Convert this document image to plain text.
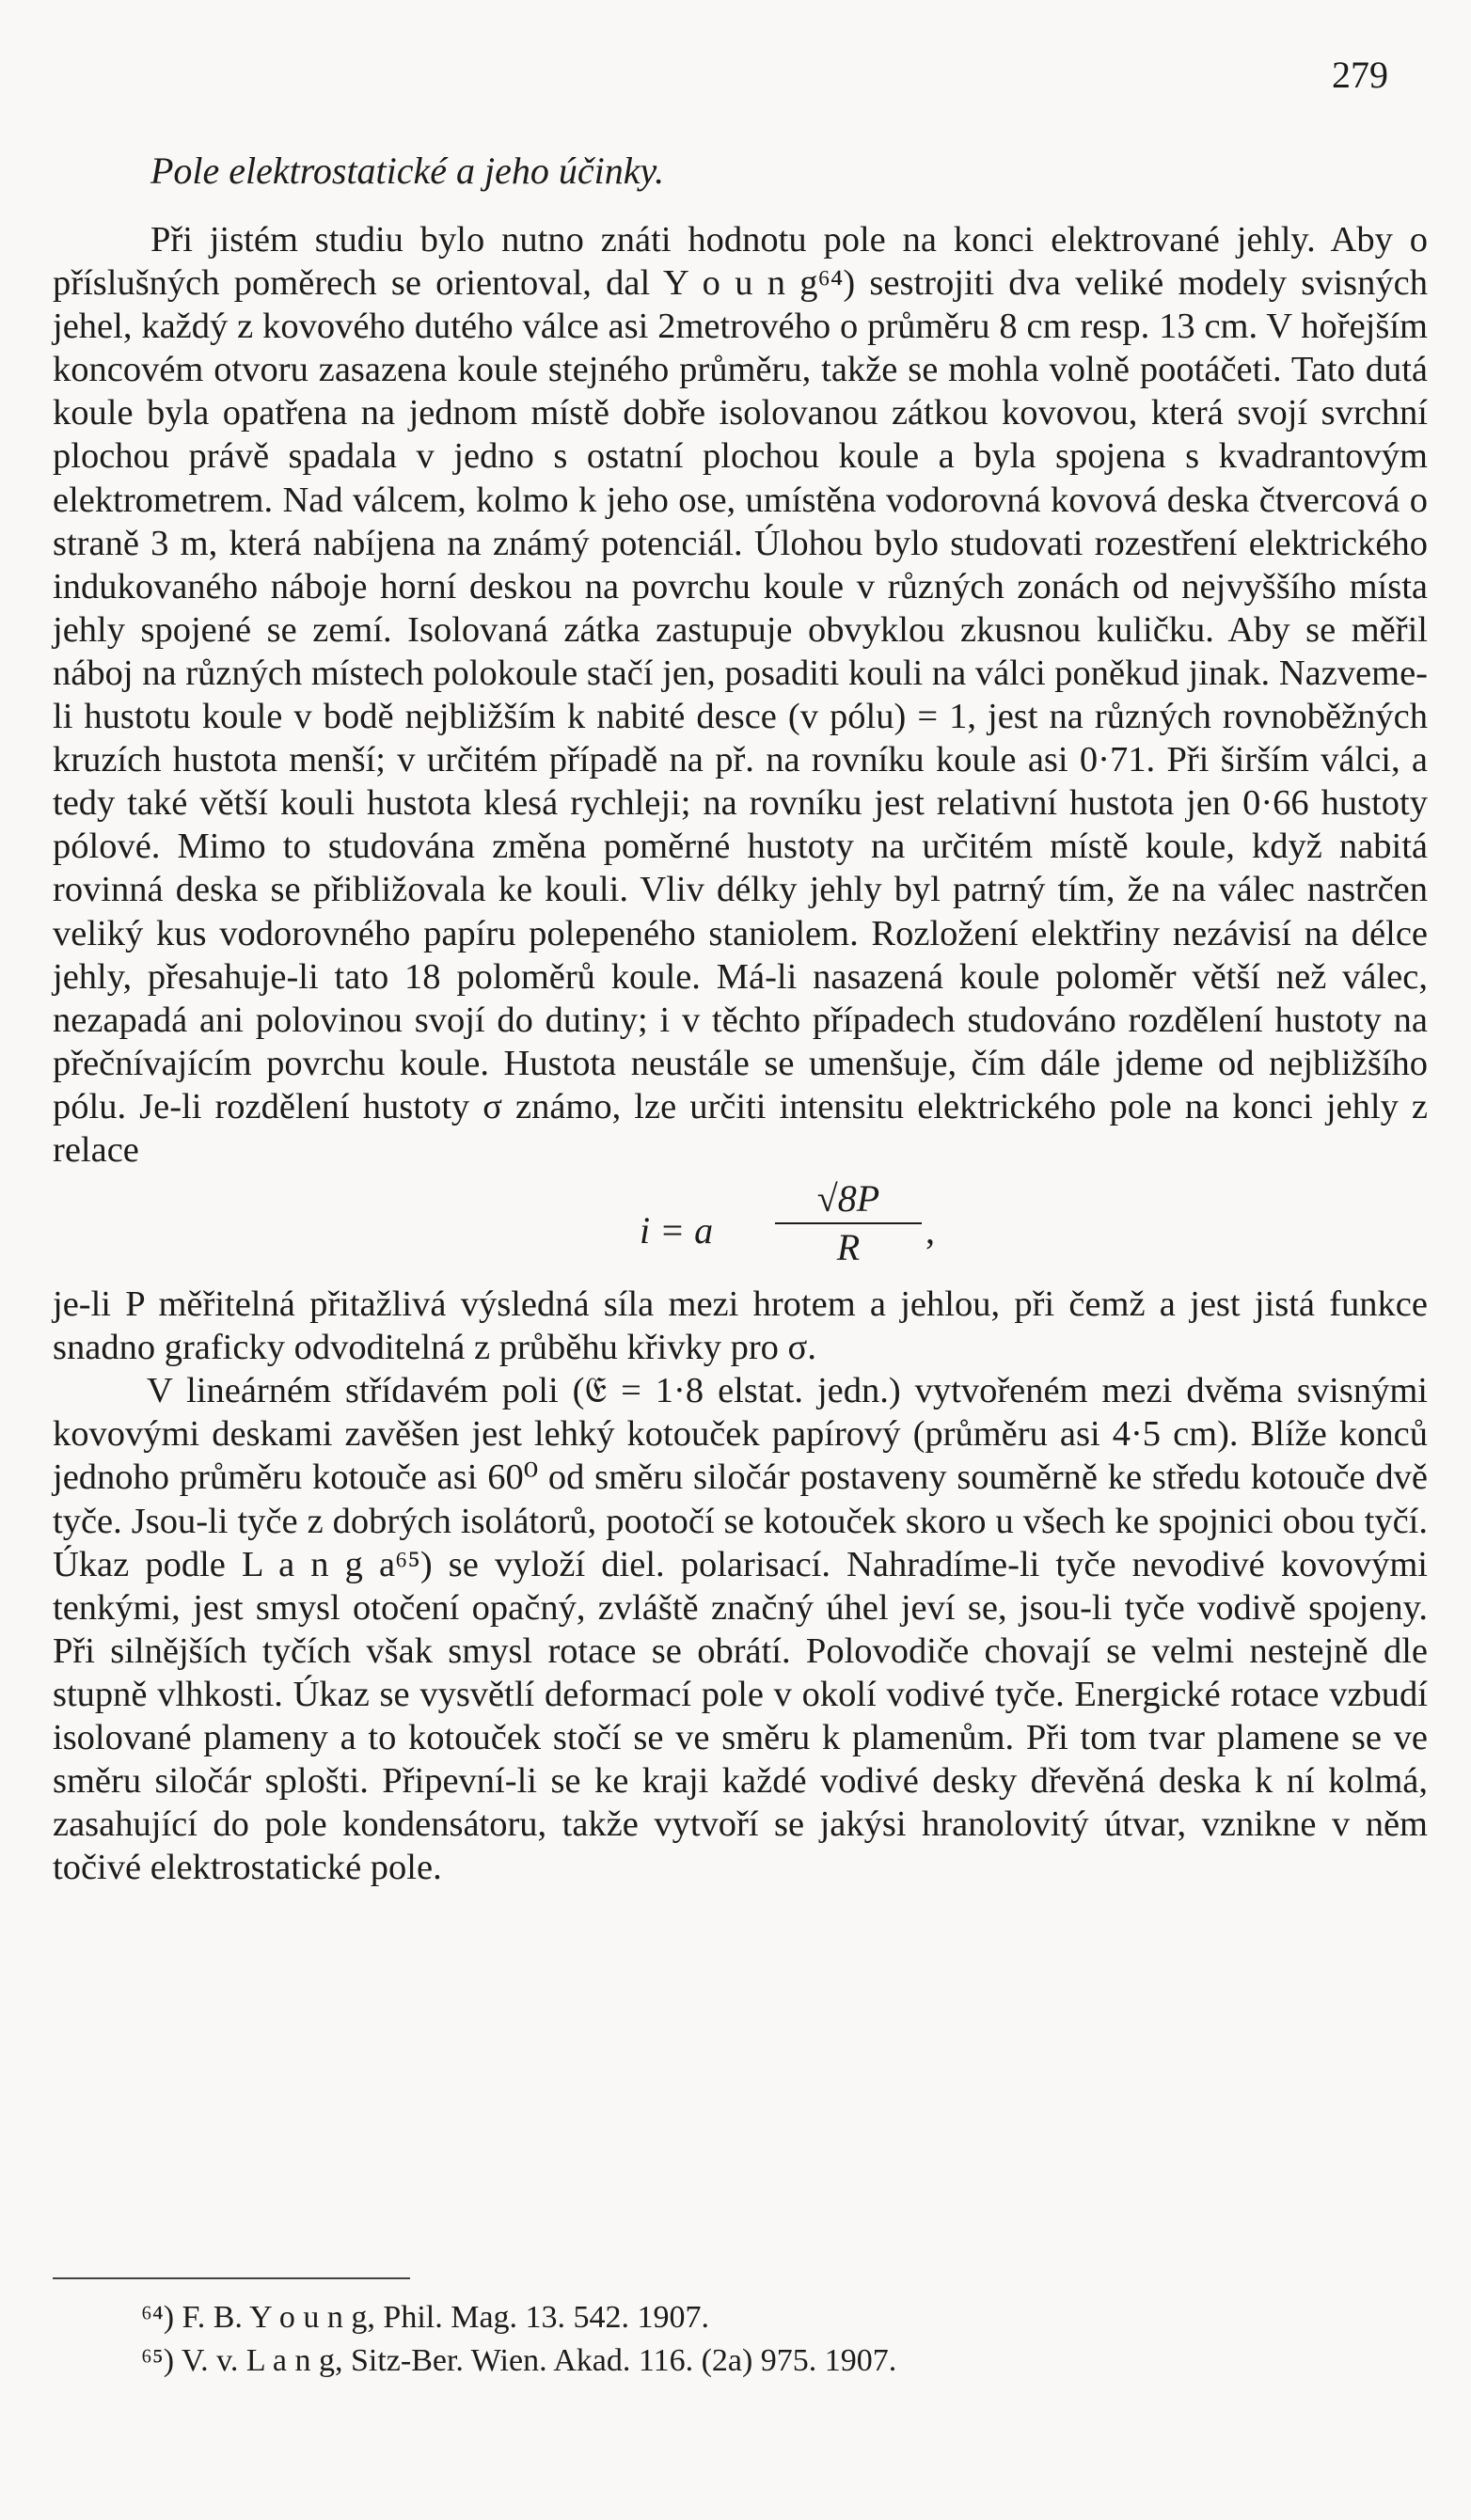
279
Pole elektrostatické a jeho účinky.

Při jistém studiu bylo nutno znáti hodnotu pole na konci elektrované jehly. Aby o příslušných poměrech se orientoval, dal Y o u n g⁶⁴) sestrojiti dva veliké modely svisných jehel, každý z kovového dutého válce asi 2metrového o průměru 8 cm resp. 13 cm. V hořejším koncovém otvoru zasazena koule stejného průměru, takže se mohla volně pootáčeti. Tato dutá koule byla opatřena na jednom místě dobře isolovanou zátkou kovovou, která svojí svrchní plochou právě spadala v jedno s ostatní plochou koule a byla spojena s kvadrantovým elektrometrem. Nad válcem, kolmo k jeho ose, umístěna vodorovná kovová deska čtvercová o straně 3 m, která nabíjena na známý potenciál. Úlohou bylo studovati rozestření elektrického indukovaného náboje horní deskou na povrchu koule v různých zonách od nejvyššího místa jehly spojené se zemí. Isolovaná zátka zastupuje obvyklou zkusnou kuličku. Aby se měřil náboj na různých místech polokoule stačí jen, posaditi kouli na válci poněkud jinak. Nazveme-li hustotu koule v bodě nejbližším k nabité desce (v pólu) = 1, jest na různých rovnoběžných kruzích hustota menší; v určitém případě na př. na rovníku koule asi 0·71. Při širším válci, a tedy také větší kouli hustota klesá rychleji; na rovníku jest relativní hustota jen 0·66 hustoty pólové. Mimo to studována změna poměrné hustoty na určitém místě koule, když nabitá rovinná deska se přibližovala ke kouli. Vliv délky jehly byl patrný tím, že na válec nastrčen veliký kus vodorovného papíru polepeného staniolem. Rozložení elektřiny nezávisí na délce jehly, přesahuje-li tato 18 poloměrů koule. Má-li nasazená koule poloměr větší než válec, nezapadá ani polovinou svojí do dutiny; i v těchto případech studováno rozdělení hustoty na přečnívajícím povrchu koule. Hustota neustále se umenšuje, čím dále jdeme od nejbližšího pólu. Je-li rozdělení hustoty σ známo, lze určiti intensitu elektrického pole na konci jehly z relace

i = a $\frac{√8P}{R}$ ,

je-li P měřitelná přitažlivá výsledná síla mezi hrotem a jehlou, při čemž a jest jistá funkce snadno graficky odvoditelná z průběhu křivky pro σ.

V lineárném střídavém poli (𝔈 = 1·8 elstat. jedn.) vytvořeném mezi dvěma svisnými kovovými deskami zavěšen jest lehký kotouček papírový (průměru asi 4·5 cm). Blíže konců jednoho průměru kotouče asi 60⁰ od směru siločár postaveny souměrně ke středu kotouče dvě tyče. Jsou-li tyče z dobrých isolátorů, pootočí se kotouček skoro u všech ke spojnici obou tyčí. Úkaz podle L a n g a⁶⁵) se vyloží diel. polarisací. Nahradíme-li tyče nevodivé kovovými tenkými, jest smysl otočení opačný, zvláště značný úhel jeví se, jsou-li tyče vodivě spojeny. Při silnějších tyčích však smysl rotace se obrátí. Polovodiče chovají se velmi nestejně dle stupně vlhkosti. Úkaz se vysvětlí deformací pole v okolí vodivé tyče. Energické rotace vzbudí isolované plameny a to kotouček stočí se ve směru k plamenům. Při tom tvar plamene se ve směru siločár splošti. Připevní-li se ke kraji každé vodivé desky dřevěná deska k ní kolmá, zasahující do pole kondensátoru, takže vytvoří se jakýsi hranolovitý útvar, vznikne v něm točivé elektrostatické pole.

⁶⁴) F. B. Y o u n g, Phil. Mag. 13. 542. 1907.
⁶⁵) V. v. L a n g, Sitz-Ber. Wien. Akad. 116. (2a) 975. 1907.
